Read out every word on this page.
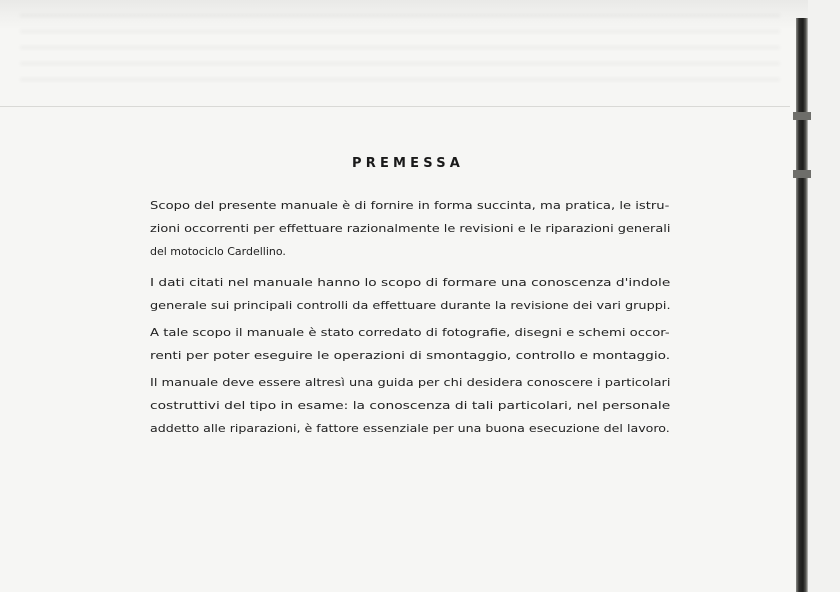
PREMESSA
Scopo del presente manuale è di fornire in forma succinta, ma pratica, le istru-
zioni occorrenti per effettuare razionalmente le revisioni e le riparazioni generali
del motociclo Cardellino.
I dati citati nel manuale hanno lo scopo di formare una conoscenza d'indole
generale sui principali controlli da effettuare durante la revisione dei vari gruppi.
A tale scopo il manuale è stato corredato di fotografie, disegni e schemi occor-
renti per poter eseguire le operazioni di smontaggio, controllo e montaggio.
Il manuale deve essere altresì una guida per chi desidera conoscere i particolari
costruttivi del tipo in esame: la conoscenza di tali particolari, nel personale
addetto alle riparazioni, è fattore essenziale per una buona esecuzione del lavoro.
